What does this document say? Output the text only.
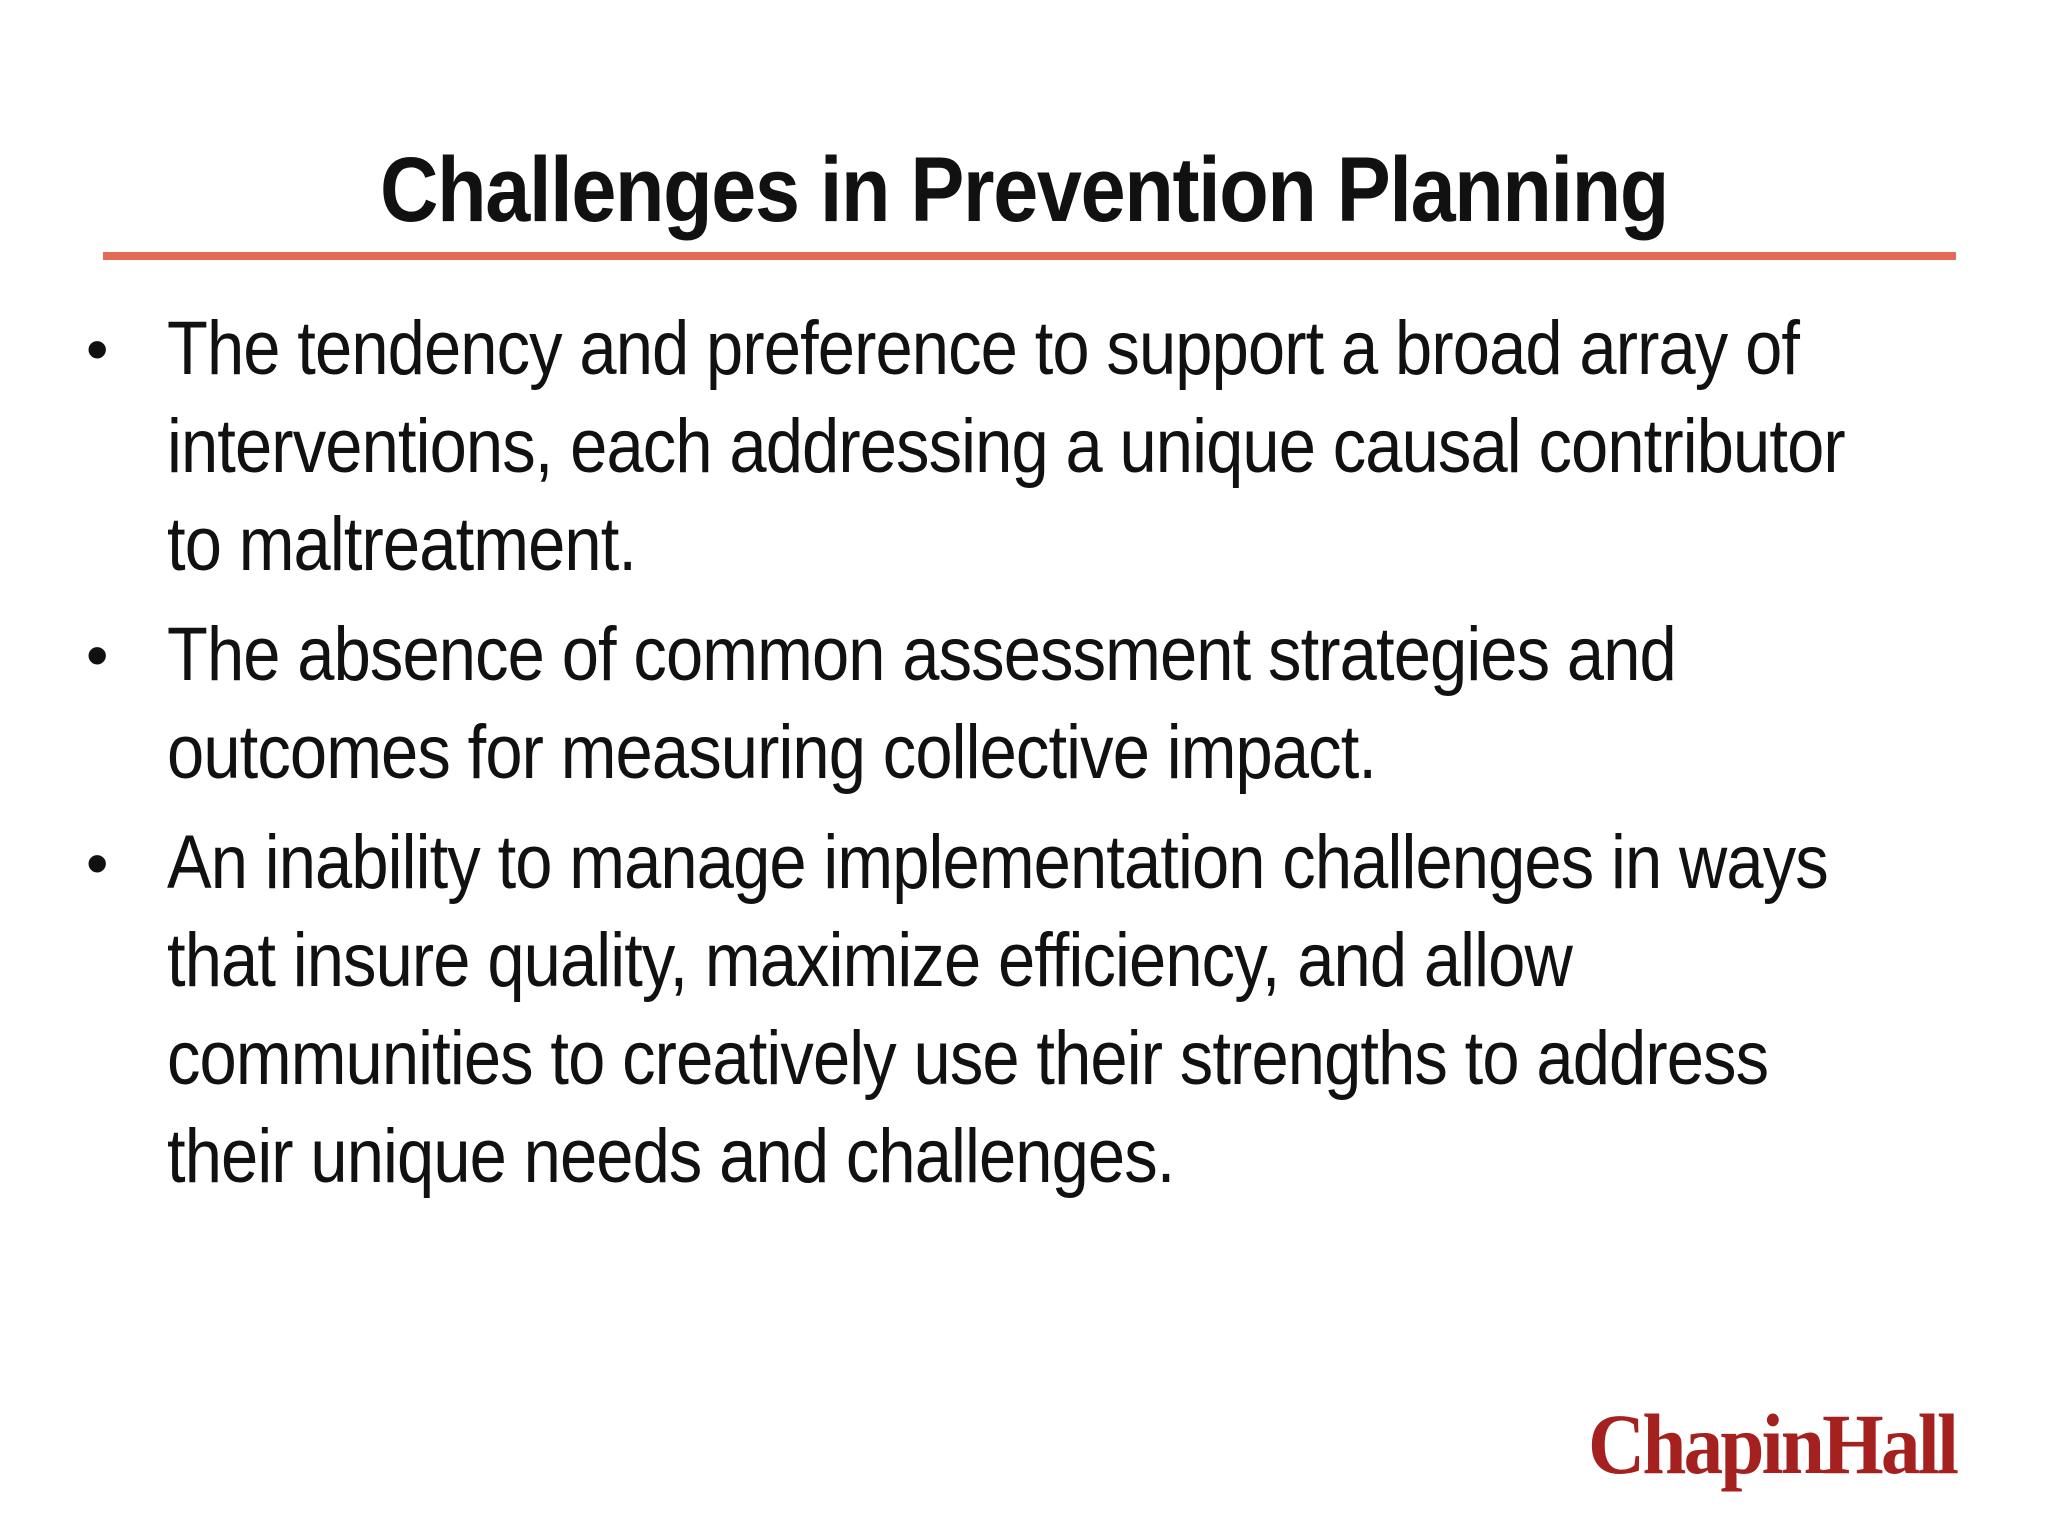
Challenges in Prevention Planning
• The tendency and preference to support a broad array of
interventions, each addressing a unique causal contributor
to maltreatment.
• The absence of common assessment strategies and
outcomes for measuring collective impact.
• An inability to manage implementation challenges in ways
that insure quality, maximize efficiency, and allow
communities to creatively use their strengths to address
their unique needs and challenges.
ChapinHall
